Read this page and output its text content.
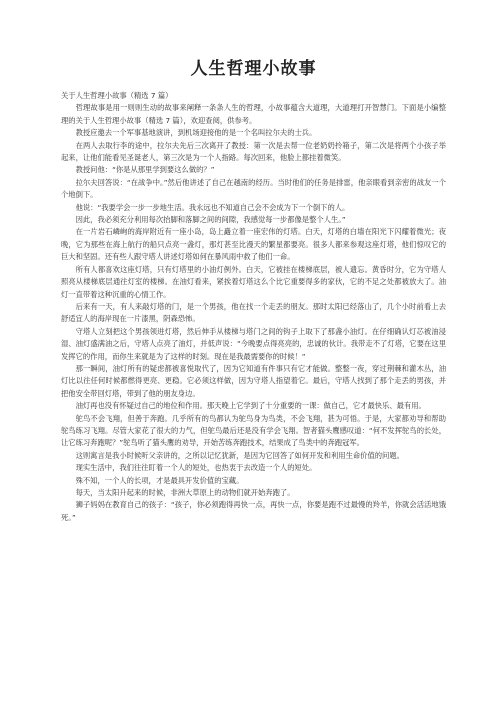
人生哲理小故事

关于人生哲理小故事（精选 7 篇）

哲理故事是用一则则生动的故事来阐释一条条人生的哲理，小故事蕴含大道理，大道理打开智慧门。下面是小编整理的关于人生哲理小故事（精选 7 篇），欢迎查阅，供参考。

教授应邀去一个军事基地演讲，到机场迎接他的是一个名叫拉尔夫的士兵。

在两人去取行李的途中，拉尔夫先后三次离开了教授：第一次是去帮一位老奶奶拎箱子，第二次是将两个小孩子举起来，让他们能看见圣诞老人，第三次是为一个人指路。每次回来，他脸上都挂着微笑。

教授问他：“你是从那里学到要这么做的？”

拉尔夫回答说：“在战争中。”然后他讲述了自己在越南的经历。当时他们的任务是排雷，他亲眼看到亲密的战友一个个地倒下。

他说：“我要学会一步一步地生活。我永远也不知道自己会不会成为下一个倒下的人。

因此，我必须充分利用每次抬脚和落脚之间的间隙，我感觉每一步都像是整个人生。”

在一片岩石嶙峋的海岸附近有一座小岛，岛上矗立着一座宏伟的灯塔。白天，灯塔的白墙在阳光下闪耀着微光；夜晚，它为那些在海上航行的船只点亮一盏灯，那灯甚至比漫天的繁星都要亮。很多人都来参观这座灯塔，他们惊叹它的巨大和坚固。还有些人跟守塔人讲述灯塔如何在暴风雨中救了他们一命。

所有人都喜欢这座灯塔，只有灯塔里的小油灯例外。白天，它被挂在楼梯底层，被人遗忘。黄昏时分，它为守塔人照亮从楼梯底层通往灯室的楼梯。在油灯看来，紧挨着灯塔这么个比它重要得多的家伙，它的不足之处都被放大了。油灯一直带着这种沉重的心情工作。

后来有一天，有人来敲灯塔的门，是一个男孩，他在找一个走丢的朋友。那时太阳已经落山了，几个小时前看上去舒适宜人的海岸现在一片漆黑，阴森恐怖。

守塔人立刻把这个男孩领进灯塔，然后伸手从楼梯与塔门之间的钩子上取下了那盏小油灯。在仔细确认灯芯被油浸湿、油灯盛满油之后，守塔人点亮了油灯，并低声说：“今晚要点得亮亮的，忠诚的伙计。我带走不了灯塔，它要在这里发挥它的作用，而你生来就是为了这样的时刻。现在是我最需要你的时候！”

那一瞬间，油灯所有的疑虑都被喜悦取代了，因为它知道有件事只有它才能做。整整一夜，穿过荆棘和灌木丛，油灯比以往任何时候都燃得更亮、更稳。它必须这样做，因为守塔人指望着它。最后，守塔人找到了那个走丢的男孩，并把他安全带回灯塔，带到了他的朋友身边。

油灯再也没有怀疑过自己的地位和作用。那天晚上它学到了十分重要的一课：做自己，它才最快乐、最有用。

鸵鸟不会飞翔，但善于奔跑。几乎所有的鸟都认为鸵鸟身为鸟类，不会飞翔，甚为可悟。于是，大家都劝导和帮助鸵鸟练习飞翔。尽管大家花了很大的力气，但鸵鸟最后还是没有学会飞翔。智者猫头鹰感叹道：“何不发挥鸵鸟的长处，让它练习奔跑呢？”鸵鸟听了猫头鹰的劝导，开始苦练奔跑技术，结果成了鸟类中的奔跑冠军。

这则寓言是我小时候听父亲讲的，之所以记忆犹新，是因为它回答了如何开发和利用生命价值的问题。

现实生活中，我们往往盯着一个人的短处，也热衷于去改造一个人的短处。

殊不知，一个人的长项，才是最具开发价值的宝藏。

每天，当太阳升起来的时候，非洲大草原上的动物们就开始奔跑了。

狮子妈妈在教育自己的孩子：“孩子，你必须跑得再快一点，再快一点，你要是跑不过最慢的羚羊，你就会活活地饿死。”
